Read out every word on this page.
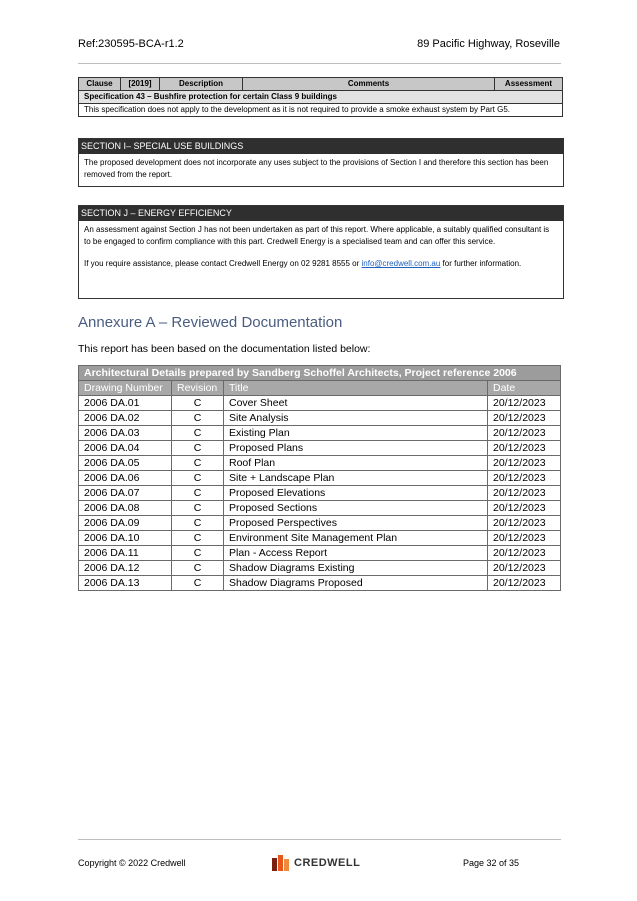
Ref:230595-BCA-r1.2	89 Pacific Highway, Roseville
Clause	[2019]	Description	Comments	Assessment
Specification 43 – Bushfire protection for certain Class 9 buildings
This specification does not apply to the development as it is not required to provide a smoke exhaust system by Part G5.
SECTION I– SPECIAL USE BUILDINGS

The proposed development does not incorporate any uses subject to the provisions of Section I and therefore this section has been removed from the report.

SECTION J – ENERGY EFFICIENCY

An assessment against Section J has not been undertaken as part of this report. Where applicable, a suitably qualified consultant is to be engaged to confirm compliance with this part. Credwell Energy is a specialised team and can offer this service.

If you require assistance, please contact Credwell Energy on 02 9281 8555 or info@credwell.com.au for further information.

Annexure A – Reviewed Documentation
This report has been based on the documentation listed below:
Architectural Details prepared by Sandberg Schoffel Architects, Project reference 2006			
Drawing Number	Revision	Title	Date
2006 DA.01	C	Cover Sheet	20/12/2023
2006 DA.02	C	Site Analysis	20/12/2023
2006 DA.03	C	Existing Plan	20/12/2023
2006 DA.04	C	Proposed Plans	20/12/2023
2006 DA.05	C	Roof Plan	20/12/2023
2006 DA.06	C	Site + Landscape Plan	20/12/2023
2006 DA.07	C	Proposed Elevations	20/12/2023
2006 DA.08	C	Proposed Sections	20/12/2023
2006 DA.09	C	Proposed Perspectives	20/12/2023
2006 DA.10	C	Environment Site Management Plan	20/12/2023
2006 DA.11	C	Plan - Access Report	20/12/2023
2006 DA.12	C	Shadow Diagrams Existing	20/12/2023
2006 DA.13	C	Shadow Diagrams Proposed	20/12/2023
Copyright © 2022 Credwell	CREDWELL	Page 32 of 35
